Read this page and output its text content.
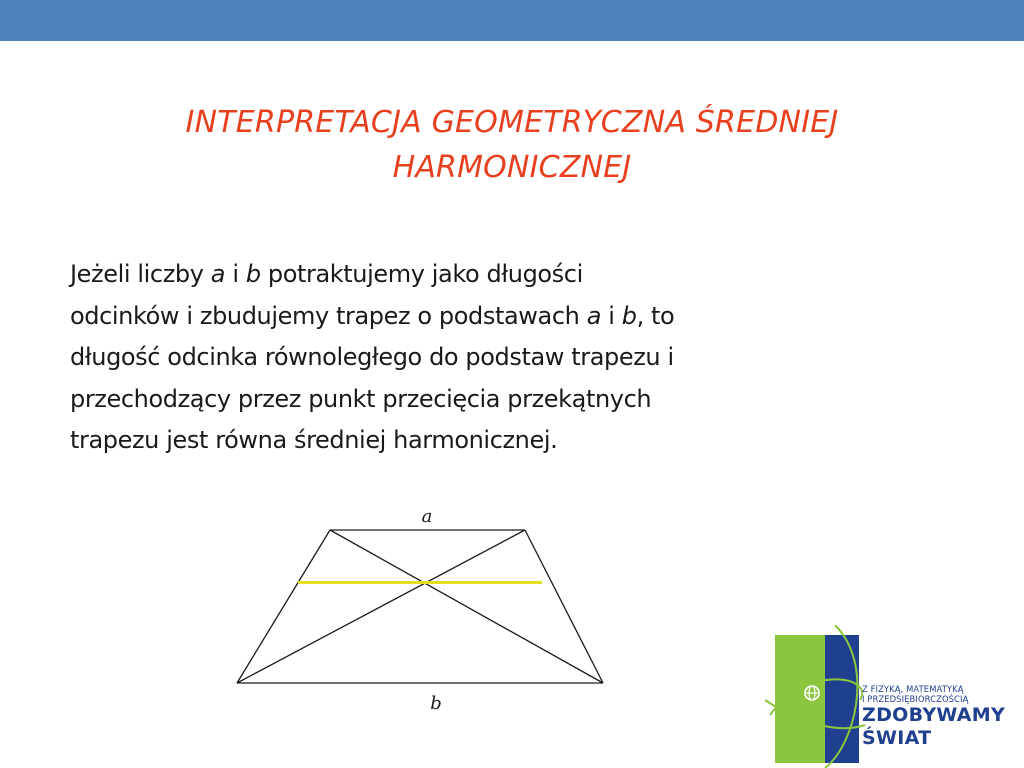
INTERPRETACJA GEOMETRYCZNA ŚREDNIEJ
HARMONICZNEJ
Jeżeli liczby a i b potraktujemy jako długości
odcinków i zbudujemy trapez o podstawach a i b, to
długość odcinka równoległego do podstaw trapezu i
przechodzący przez punkt przecięcia przekątnych
trapezu jest równa średniej harmonicznej.
a
b
Z FIZYKĄ, MATEMATYKĄ
I PRZEDSIĘBIORCZOŚCIĄ
ZDOBYWAMY
ŚWIAT
